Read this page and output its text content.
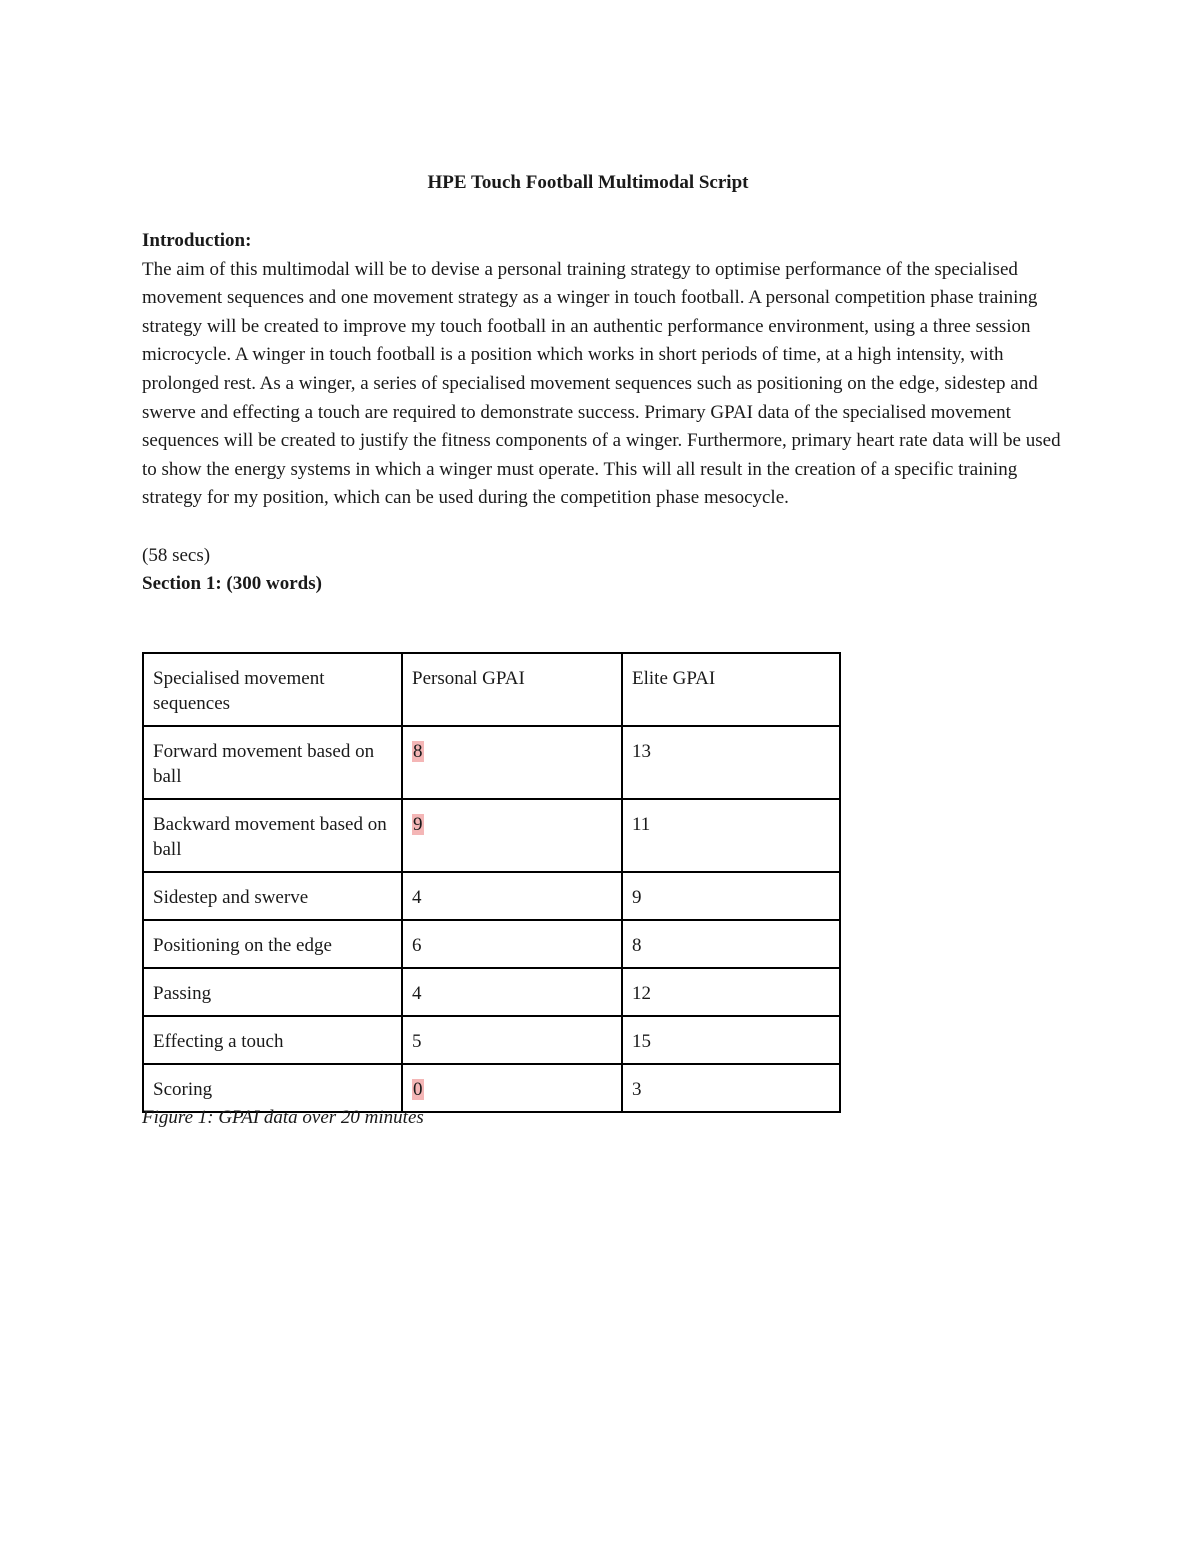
HPE Touch Football Multimodal Script

Introduction:

The aim of this multimodal will be to devise a personal training strategy to optimise performance of the specialised movement sequences and one movement strategy as a winger in touch football. A personal competition phase training strategy will be created to improve my touch football in an authentic performance environment, using a three session microcycle. A winger in touch football is a position which works in short periods of time, at a high intensity, with prolonged rest. As a winger, a series of specialised movement sequences such as positioning on the edge, sidestep and swerve and effecting a touch are required to demonstrate success. Primary GPAI data of the specialised movement sequences will be created to justify the fitness components of a winger. Furthermore, primary heart rate data will be used to show the energy systems in which a winger must operate. This will all result in the creation of a specific training strategy for my position, which can be used during the competition phase mesocycle.

(58 secs)

Section 1: (300 words)

Specialised movement sequences	Personal GPAI	Elite GPAI
Forward movement based on ball	8	13
Backward movement based on ball	9	11
Sidestep and swerve	4	9
Positioning on the edge	6	8
Passing	4	12
Effecting a touch	5	15
Scoring	0	3
Figure 1: GPAI data over 20 minutes
